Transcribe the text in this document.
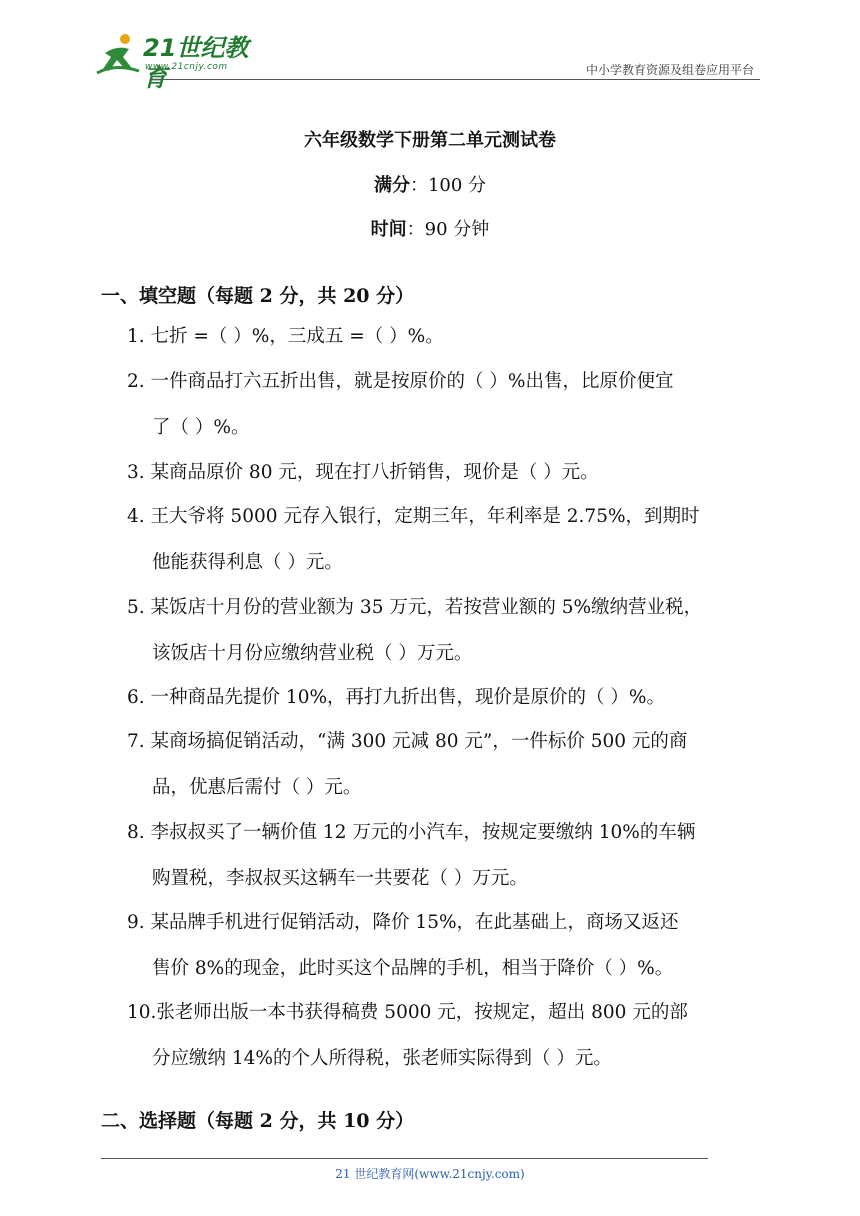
21世纪教育
www.21cnjy.com	中小学教育资源及组卷应用平台
六年级数学下册第二单元测试卷
满分：100 分
时间：90 分钟
一、填空题（每题 2 分，共 20 分）
1. 七折 =（ ）%，三成五 =（ ）%。
2. 一件商品打六五折出售，就是按原价的（ ）%出售，比原价便宜
了（ ）%。
3. 某商品原价 80 元，现在打八折销售，现价是（ ）元。
4. 王大爷将 5000 元存入银行，定期三年，年利率是 2.75%，到期时
他能获得利息（ ）元。
5. 某饭店十月份的营业额为 35 万元，若按营业额的 5%缴纳营业税，
该饭店十月份应缴纳营业税（ ）万元。
6. 一种商品先提价 10%，再打九折出售，现价是原价的（ ）%。
7. 某商场搞促销活动，“满 300 元减 80 元”，一件标价 500 元的商
品，优惠后需付（ ）元。
8. 李叔叔买了一辆价值 12 万元的小汽车，按规定要缴纳 10%的车辆
购置税，李叔叔买这辆车一共要花（ ）万元。
9. 某品牌手机进行促销活动，降价 15%，在此基础上，商场又返还
售价 8%的现金，此时买这个品牌的手机，相当于降价（ ）%。
10.张老师出版一本书获得稿费 5000 元，按规定，超出 800 元的部
分应缴纳 14%的个人所得税，张老师实际得到（ ）元。
二、选择题（每题 2 分，共 10 分）
21 世纪教育网(www.21cnjy.com)
